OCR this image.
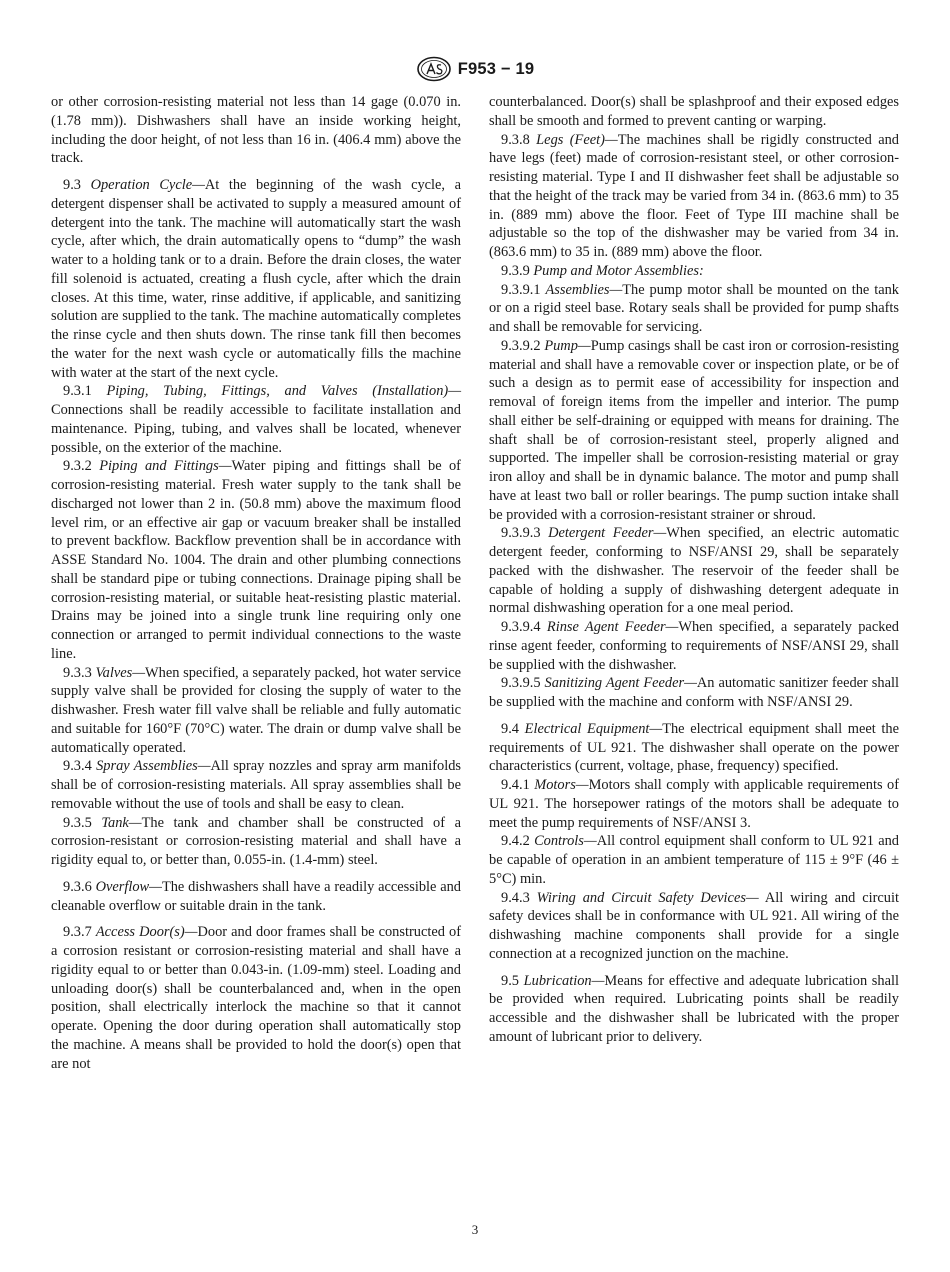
F953 − 19

or other corrosion-resisting material not less than 14 gage (0.070 in. (1.78 mm)). Dishwashers shall have an inside working height, including the door height, of not less than 16 in. (406.4 mm) above the track.

9.3 Operation Cycle—At the beginning of the wash cycle, a detergent dispenser shall be activated to supply a measured amount of detergent into the tank. The machine will automatically start the wash cycle, after which, the drain automatically opens to “dump” the wash water to a holding tank or to a drain. Before the drain closes, the water fill solenoid is actuated, creating a flush cycle, after which the drain closes. At this time, water, rinse additive, if applicable, and sanitizing solution are supplied to the tank. The machine automatically completes the rinse cycle and then shuts down. The rinse tank fill then becomes the water for the next wash cycle or automatically fills the machine with water at the start of the next cycle.

9.3.1 Piping, Tubing, Fittings, and Valves (Installation)—Connections shall be readily accessible to facilitate installation and maintenance. Piping, tubing, and valves shall be located, whenever possible, on the exterior of the machine.

9.3.2 Piping and Fittings—Water piping and fittings shall be of corrosion-resisting material. Fresh water supply to the tank shall be discharged not lower than 2 in. (50.8 mm) above the maximum flood level rim, or an effective air gap or vacuum breaker shall be installed to prevent backflow. Backflow prevention shall be in accordance with ASSE Standard No. 1004. The drain and other plumbing connections shall be standard pipe or tubing connections. Drainage piping shall be corrosion-resisting material, or suitable heat-resisting plastic material. Drains may be joined into a single trunk line requiring only one connection or arranged to permit individual connections to the waste line.

9.3.3 Valves—When specified, a separately packed, hot water service supply valve shall be provided for closing the supply of water to the dishwasher. Fresh water fill valve shall be reliable and fully automatic and suitable for 160°F (70°C) water. The drain or dump valve shall be automatically operated.

9.3.4 Spray Assemblies—All spray nozzles and spray arm manifolds shall be of corrosion-resisting materials. All spray assemblies shall be removable without the use of tools and shall be easy to clean.

9.3.5 Tank—The tank and chamber shall be constructed of a corrosion-resistant or corrosion-resisting material and shall have a rigidity equal to, or better than, 0.055-in. (1.4-mm) steel.

9.3.6 Overflow—The dishwashers shall have a readily accessible and cleanable overflow or suitable drain in the tank.

9.3.7 Access Door(s)—Door and door frames shall be constructed of a corrosion resistant or corrosion-resisting material and shall have a rigidity equal to or better than 0.043-in. (1.09-mm) steel. Loading and unloading door(s) shall be counterbalanced and, when in the open position, shall electrically interlock the machine so that it cannot operate. Opening the door during operation shall automatically stop the machine. A means shall be provided to hold the door(s) open that are not

counterbalanced. Door(s) shall be splashproof and their exposed edges shall be smooth and formed to prevent canting or warping.

9.3.8 Legs (Feet)—The machines shall be rigidly constructed and have legs (feet) made of corrosion-resistant steel, or other corrosion-resisting material. Type I and II dishwasher feet shall be adjustable so that the height of the track may be varied from 34 in. (863.6 mm) to 35 in. (889 mm) above the floor. Feet of Type III machine shall be adjustable so the top of the dishwasher may be varied from 34 in. (863.6 mm) to 35 in. (889 mm) above the floor.

9.3.9 Pump and Motor Assemblies:

9.3.9.1 Assemblies—The pump motor shall be mounted on the tank or on a rigid steel base. Rotary seals shall be provided for pump shafts and shall be removable for servicing.

9.3.9.2 Pump—Pump casings shall be cast iron or corrosion-resisting material and shall have a removable cover or inspection plate, or be of such a design as to permit ease of accessibility for inspection and removal of foreign items from the impeller and interior. The pump shall either be self-draining or equipped with means for draining. The shaft shall be of corrosion-resistant steel, properly aligned and supported. The impeller shall be corrosion-resisting material or gray iron alloy and shall be in dynamic balance. The motor and pump shall have at least two ball or roller bearings. The pump suction intake shall be provided with a corrosion-resistant strainer or shroud.

9.3.9.3 Detergent Feeder—When specified, an electric automatic detergent feeder, conforming to NSF/ANSI 29, shall be separately packed with the dishwasher. The reservoir of the feeder shall be capable of holding a supply of dishwashing detergent adequate in normal dishwashing operation for a one meal period.

9.3.9.4 Rinse Agent Feeder—When specified, a separately packed rinse agent feeder, conforming to requirements of NSF/ANSI 29, shall be supplied with the dishwasher.

9.3.9.5 Sanitizing Agent Feeder—An automatic sanitizer feeder shall be supplied with the machine and conform with NSF/ANSI 29.

9.4 Electrical Equipment—The electrical equipment shall meet the requirements of UL 921. The dishwasher shall operate on the power characteristics (current, voltage, phase, frequency) specified.

9.4.1 Motors—Motors shall comply with applicable requirements of UL 921. The horsepower ratings of the motors shall be adequate to meet the pump requirements of NSF/ANSI 3.

9.4.2 Controls—All control equipment shall conform to UL 921 and be capable of operation in an ambient temperature of 115 ± 9°F (46 ± 5°C) min.

9.4.3 Wiring and Circuit Safety Devices— All wiring and circuit safety devices shall be in conformance with UL 921. All wiring of the dishwashing machine components shall provide for a single connection at a recognized junction on the machine.

9.5 Lubrication—Means for effective and adequate lubrication shall be provided when required. Lubricating points shall be readily accessible and the dishwasher shall be lubricated with the proper amount of lubricant prior to delivery.

3
